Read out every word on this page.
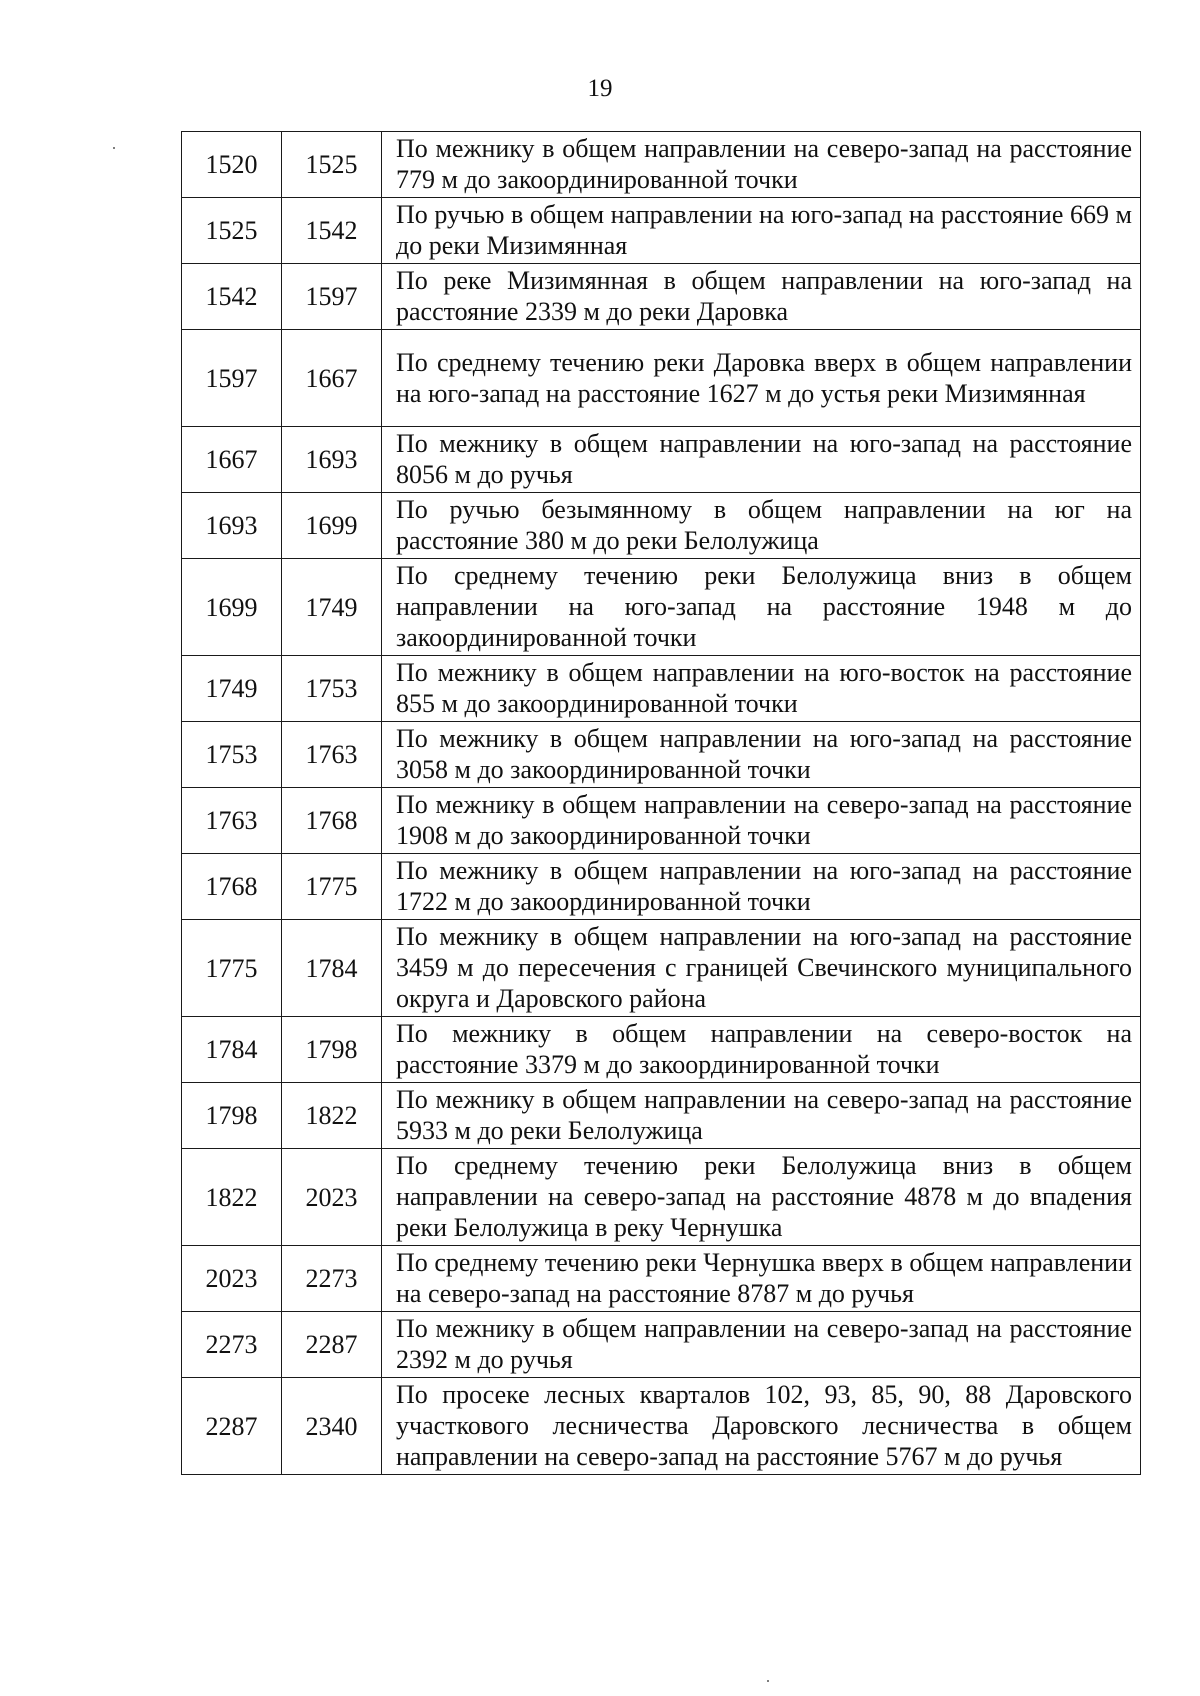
19
1520	1525	По межнику в общем направлении на северо-запад на расстояние 779 м до закоординированной точки
1525	1542	По ручью в общем направлении на юго-запад на расстояние 669 м до реки Мизимянная
1542	1597	По реке Мизимянная в общем направлении на юго-запад на расстояние 2339 м до реки Даровка
1597	1667	По среднему течению реки Даровка вверх в общем направлении на юго-запад на расстояние 1627 м до устья реки Мизимянная
1667	1693	По межнику в общем направлении на юго-запад на расстояние 8056 м до ручья
1693	1699	По ручью безымянному в общем направлении на юг на расстояние 380 м до реки Белолужица
1699	1749	По среднему течению реки Белолужица вниз в общем направлении на юго-запад на расстояние 1948 м до закоординированной точки
1749	1753	По межнику в общем направлении на юго-восток на расстояние 855 м до закоординированной точки
1753	1763	По межнику в общем направлении на юго-запад на расстояние 3058 м до закоординированной точки
1763	1768	По межнику в общем направлении на северо-запад на расстояние 1908 м до закоординированной точки
1768	1775	По межнику в общем направлении на юго-запад на расстояние 1722 м до закоординированной точки
1775	1784	По межнику в общем направлении на юго-запад на расстояние 3459 м до пересечения с границей Свечинского муниципального округа и Даровского района
1784	1798	По межнику в общем направлении на северо-восток на расстояние 3379 м до закоординированной точки
1798	1822	По межнику в общем направлении на северо-запад на расстояние 5933 м до реки Белолужица
1822	2023	По среднему течению реки Белолужица вниз в общем направлении на северо-запад на расстояние 4878 м до впадения реки Белолужица в реку Чернушка
2023	2273	По среднему течению реки Чернушка вверх в общем направлении на северо-запад на расстояние 8787 м до ручья
2273	2287	По межнику в общем направлении на северо-запад на расстояние 2392 м до ручья
2287	2340	По просеке лесных кварталов 102, 93, 85, 90, 88 Даровского участкового лесничества Даровского лесничества в общем направлении на северо-запад на расстояние 5767 м до ручья
